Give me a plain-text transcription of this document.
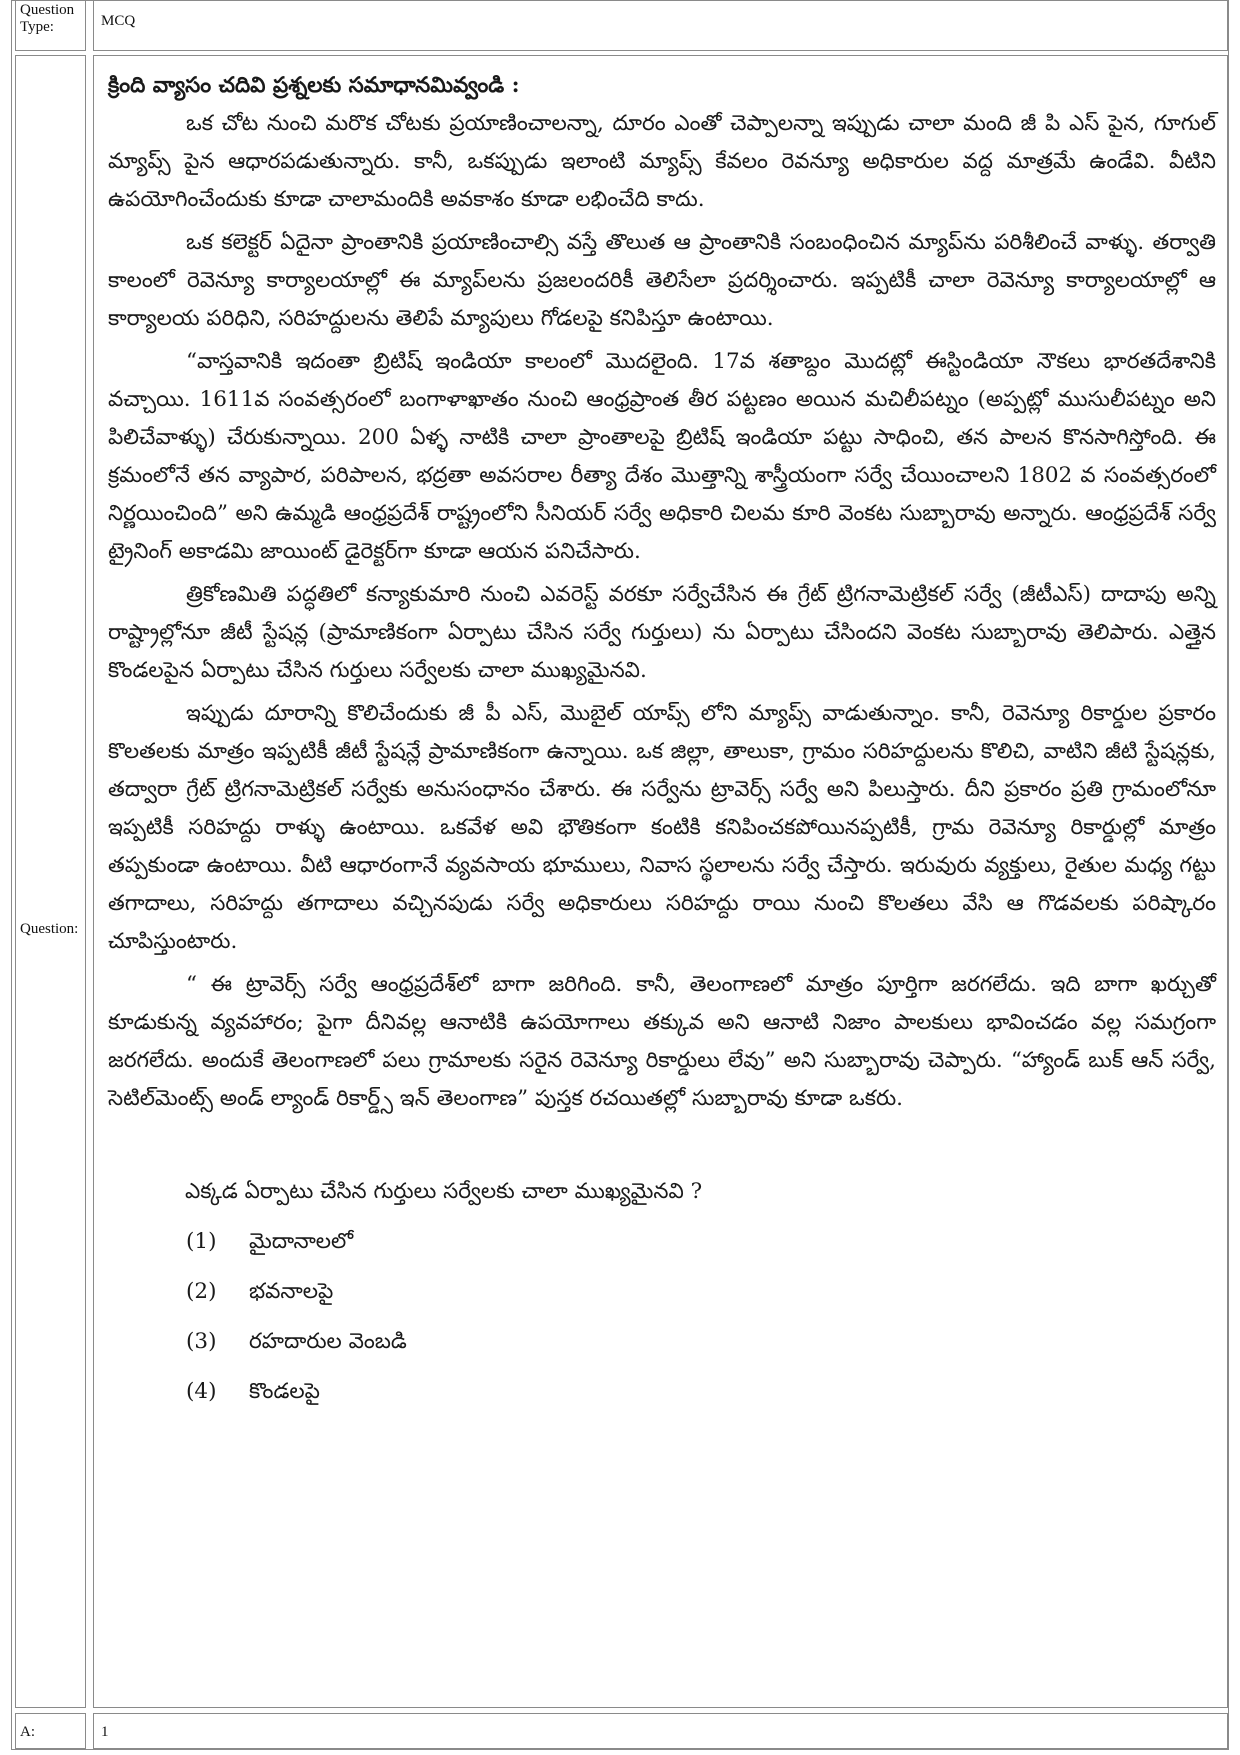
Question Type:	MCQ
Question:

క్రింది వ్యాసం చదివి ప్రశ్నలకు సమాధానమివ్వండి :

ఒక చోట నుంచి మరొక చోటకు ప్రయాణించాలన్నా, దూరం ఎంతో చెప్పాలన్నా ఇప్పుడు చాలా మంది జీ పి ఎస్ పైన, గూగుల్ మ్యాప్స్ పైన ఆధారపడుతున్నారు. కానీ, ఒకప్పుడు ఇలాంటి మ్యాప్స్ కేవలం రెవన్యూ అధికారుల వద్ద మాత్రమే ఉండేవి. వీటిని ఉపయోగించేందుకు కూడా చాలామందికి అవకాశం కూడా లభించేది కాదు.

ఒక కలెక్టర్ ఏదైనా ప్రాంతానికి ప్రయాణించాల్సి వస్తే తొలుత ఆ ప్రాంతానికి సంబంధించిన మ్యాప్‌ను పరిశీలించే వాళ్ళు. తర్వాతి కాలంలో రెవెన్యూ కార్యాలయాల్లో ఈ మ్యాప్‌లను ప్రజలందరికీ తెలిసేలా ప్రదర్శించారు. ఇప్పటికీ చాలా రెవెన్యూ కార్యాలయాల్లో ఆ కార్యాలయ పరిధిని, సరిహద్దులను తెలిపే మ్యాపులు గోడలపై కనిపిస్తూ ఉంటాయి.

“వాస్తవానికి ఇదంతా బ్రిటిష్ ఇండియా కాలంలో మొదలైంది. 17వ శతాబ్దం మొదట్లో ఈస్టిండియా నౌకలు భారతదేశానికి వచ్చాయి. 1611వ సంవత్సరంలో బంగాళాఖాతం నుంచి ఆంధ్రప్రాంత తీర పట్టణం అయిన మచిలీపట్నం (అప్పట్లో ముసులీపట్నం అని పిలిచేవాళ్ళు) చేరుకున్నాయి. 200 ఏళ్ళ నాటికి చాలా ప్రాంతాలపై బ్రిటిష్ ఇండియా పట్టు సాధించి, తన పాలన కొనసాగిస్తోంది. ఈ క్రమంలోనే తన వ్యాపార, పరిపాలన, భద్రతా అవసరాల రీత్యా దేశం మొత్తాన్ని శాస్త్రీయంగా సర్వే చేయించాలని 1802 వ సంవత్సరంలో నిర్ణయించింది” అని ఉమ్మడి ఆంధ్రప్రదేశ్ రాష్ట్రంలోని సీనియర్ సర్వే అధికారి చిలమ కూరి వెంకట సుబ్బారావు అన్నారు. ఆంధ్రప్రదేశ్ సర్వే ట్రైనింగ్ అకాడమి జాయింట్ డైరెక్టర్‌గా కూడా ఆయన పనిచేసారు.

త్రికోణమితి పద్ధతిలో కన్యాకుమారి నుంచి ఎవరెస్ట్ వరకూ సర్వేచేసిన ఈ గ్రేట్ ట్రిగనామెట్రికల్ సర్వే (జీటీఎస్) దాదాపు అన్ని రాష్ట్రాల్లోనూ జీటీ స్టేషన్ల (ప్రామాణికంగా ఏర్పాటు చేసిన సర్వే గుర్తులు) ను ఏర్పాటు చేసిందని వెంకట సుబ్బారావు తెలిపారు. ఎత్తైన కొండలపైన ఏర్పాటు చేసిన గుర్తులు సర్వేలకు చాలా ముఖ్యమైనవి.

ఇప్పుడు దూరాన్ని కొలిచేందుకు జీ పీ ఎస్, మొబైల్ యాప్స్ లోని మ్యాప్స్ వాడుతున్నాం. కానీ, రెవెన్యూ రికార్డుల ప్రకారం కొలతలకు మాత్రం ఇప్పటికీ జీటీ స్టేషన్లే ప్రామాణికంగా ఉన్నాయి. ఒక జిల్లా, తాలుకా, గ్రామం సరిహద్దులను కొలిచి, వాటిని జీటి స్టేషన్లకు, తద్వారా గ్రేట్ ట్రిగనామెట్రికల్ సర్వేకు అనుసంధానం చేశారు. ఈ సర్వేను ట్రావెర్స్ సర్వే అని పిలుస్తారు. దీని ప్రకారం ప్రతి గ్రామంలోనూ ఇప్పటికీ సరిహద్దు రాళ్ళు ఉంటాయి. ఒకవేళ అవి భౌతికంగా కంటికి కనిపించకపోయినప్పటికీ, గ్రామ రెవెన్యూ రికార్డుల్లో మాత్రం తప్పకుండా ఉంటాయి. వీటి ఆధారంగానే వ్యవసాయ భూములు, నివాస స్థలాలను సర్వే చేస్తారు. ఇరువురు వ్యక్తులు, రైతుల మధ్య గట్టు తగాదాలు, సరిహద్దు తగాదాలు వచ్చినపుడు సర్వే అధికారులు సరిహద్దు రాయి నుంచి కొలతలు వేసి ఆ గొడవలకు పరిష్కారం చూపిస్తుంటారు.

“ ఈ ట్రావెర్స్ సర్వే ఆంధ్రప్రదేశ్‌లో బాగా జరిగింది. కానీ, తెలంగాణలో మాత్రం పూర్తిగా జరగలేదు. ఇది బాగా ఖర్చుతో కూడుకున్న వ్యవహారం; పైగా దీనివల్ల ఆనాటికి ఉపయోగాలు తక్కువ అని ఆనాటి నిజాం పాలకులు భావించడం వల్ల సమగ్రంగా జరగలేదు. అందుకే తెలంగాణలో పలు గ్రామాలకు సరైన రెవెన్యూ రికార్డులు లేవు” అని సుబ్బారావు చెప్పారు. “హ్యాండ్ బుక్ ఆన్ సర్వే, సెటిల్‌మెంట్స్ అండ్ ల్యాండ్ రికార్డ్స్ ఇన్ తెలంగాణ” పుస్తక రచయితల్లో సుబ్బారావు కూడా ఒకరు.

ఎక్కడ ఏర్పాటు చేసిన గుర్తులు సర్వేలకు చాలా ముఖ్యమైనవి ?

(1)	మైదానాలలో
(2)	భవనాలపై
(3)	రహదారుల వెంబడి
(4)	కొండలపై
A:	1
